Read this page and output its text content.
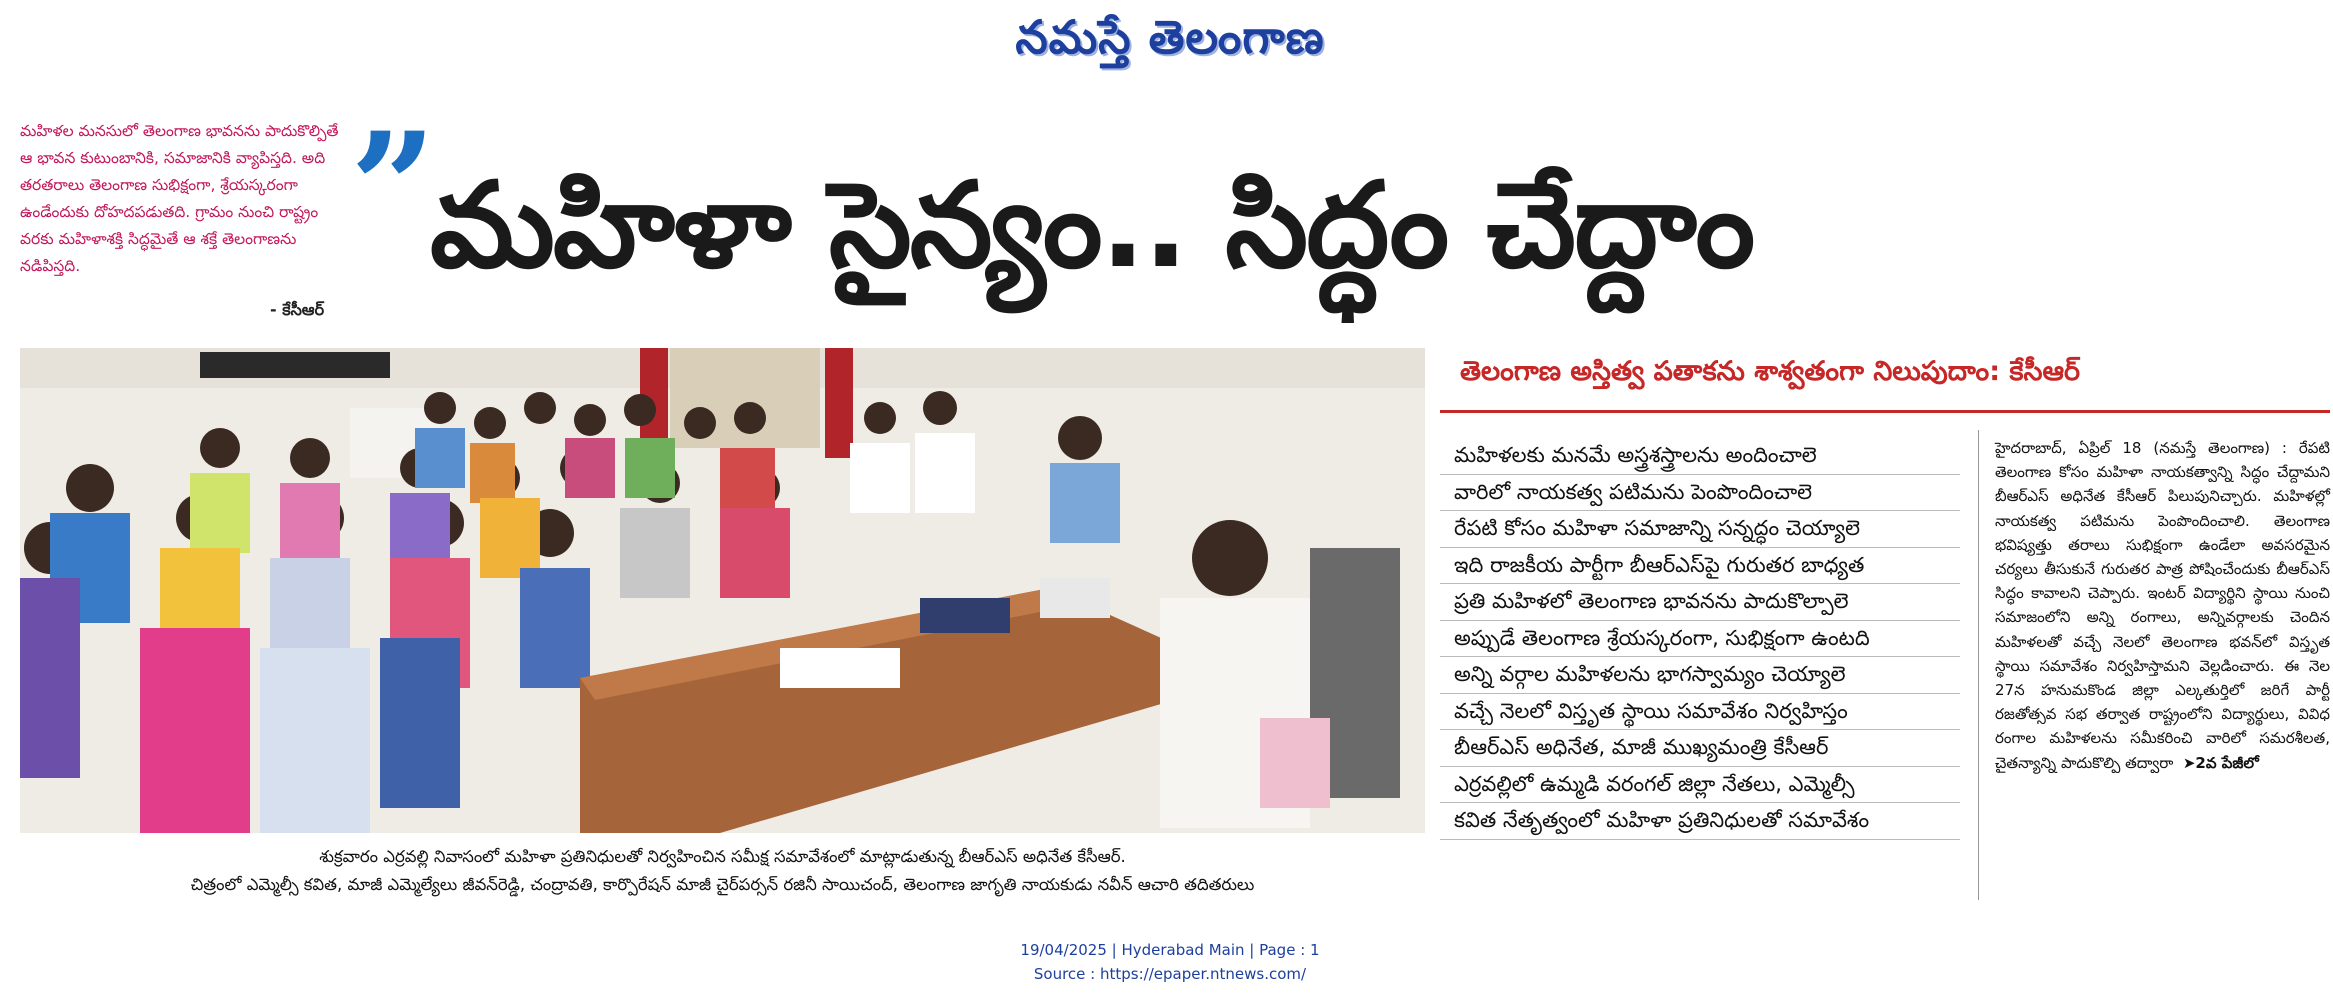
నమస్తే తెలంగాణ
మహిళల మనసులో తెలంగాణ భావనను పాదుకొల్పితే ఆ భావన కుటుంబానికి, సమాజానికి వ్యాపిస్తది. అది తరతరాలు తెలంగాణ సుభిక్షంగా, శ్రేయస్కరంగా ఉండేందుకు దోహదపడుతది. గ్రామం నుంచి రాష్ట్రం వరకు మహిళాశక్తి సిద్ధమైతే ఆ శక్తే తెలంగాణను నడిపిస్తది.
- కేసీఆర్
”
మహిళా సైన్యం.. సిద్ధం చేద్దాం
శుక్రవారం ఎర్రవల్లి నివాసంలో మహిళా ప్రతినిధులతో నిర్వహించిన సమీక్ష సమావేశంలో మాట్లాడుతున్న బీఆర్‌ఎస్ అధినేత కేసీఆర్.
చిత్రంలో ఎమ్మెల్సీ కవిత, మాజీ ఎమ్మెల్యేలు జీవన్‌రెడ్డి, చంద్రావతి, కార్పొరేషన్ మాజీ చైర్‌పర్సన్ రజినీ సాయిచంద్, తెలంగాణ జాగృతి నాయకుడు నవీన్ ఆచారి తదితరులు
తెలంగాణ అస్తిత్వ పతాకను శాశ్వతంగా నిలుపుదాం: కేసీఆర్
మహిళలకు మనమే అస్త్రశస్త్రాలను అందించాలె
వారిలో నాయకత్వ పటిమను పెంపొందించాలె
రేపటి కోసం మహిళా సమాజాన్ని సన్నద్ధం చెయ్యాలె
ఇది రాజకీయ పార్టీగా బీఆర్‌ఎస్‌పై గురుతర బాధ్యత
ప్రతి మహిళలో తెలంగాణ భావనను పాదుకొల్పాలె
అప్పుడే తెలంగాణ శ్రేయస్కరంగా, సుభిక్షంగా ఉంటది
అన్ని వర్గాల మహిళలను భాగస్వామ్యం చెయ్యాలె
వచ్చే నెలలో విస్తృత స్థాయి సమావేశం నిర్వహిస్తం
బీఆర్‌ఎస్ అధినేత, మాజీ ముఖ్యమంత్రి కేసీఆర్
ఎర్రవల్లిలో ఉమ్మడి వరంగల్ జిల్లా నేతలు, ఎమ్మెల్సీ
కవిత నేతృత్వంలో మహిళా ప్రతినిధులతో సమావేశం
హైదరాబాద్, ఏప్రిల్ 18 (నమస్తే తెలంగాణ) : రేపటి తెలంగాణ కోసం మహిళా నాయకత్వాన్ని సిద్ధం చేద్దామని బీఆర్‌ఎస్ అధినేత కేసీఆర్ పిలుపునిచ్చారు. మహిళల్లో నాయకత్వ పటిమను పెంపొందించాలి. తెలంగాణ భవిష్యత్తు తరాలు సుభిక్షంగా ఉండేలా అవసరమైన చర్యలు తీసుకునే గురుతర పాత్ర పోషించేందుకు బీఆర్‌ఎస్ సిద్ధం కావాలని చెప్పారు. ఇంటర్ విద్యార్థిని స్థాయి నుంచి సమాజంలోని అన్ని రంగాలు, అన్నివర్గాలకు చెందిన మహిళలతో వచ్చే నెలలో తెలంగాణ భవన్‌లో విస్తృత స్థాయి సమావేశం నిర్వహిస్తామని వెల్లడించారు. ఈ నెల 27న హనుమకొండ జిల్లా ఎల్కతుర్తిలో జరిగే పార్టీ రజతోత్సవ సభ తర్వాత రాష్ట్రంలోని విద్యార్థులు, వివిధ రంగాల మహిళలను సమీకరించి వారిలో సమరశీలత, చైతన్యాన్ని పాదుకొల్పి తద్వారా  ➤2వ పేజీలో
19/04/2025 | Hyderabad Main | Page : 1
Source : https://epaper.ntnews.com/
